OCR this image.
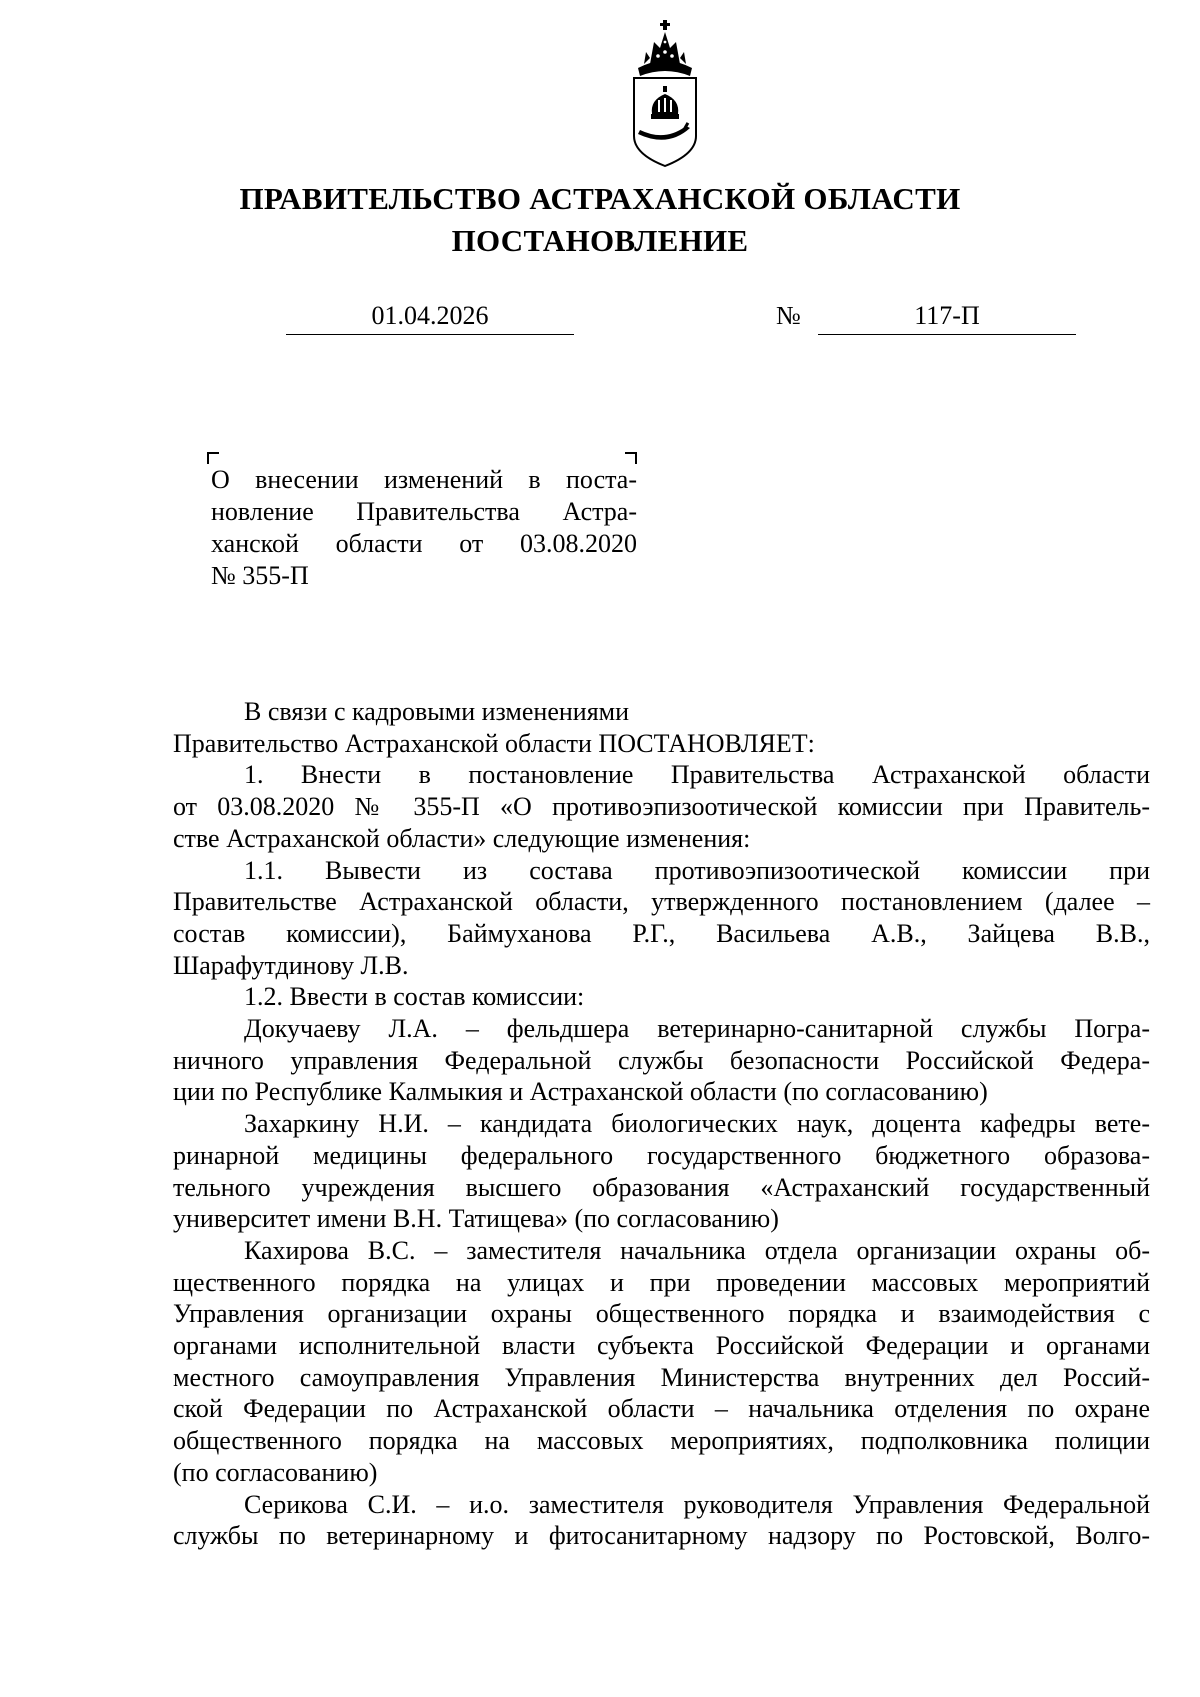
ПРАВИТЕЛЬСТВО АСТРАХАНСКОЙ ОБЛАСТИ
ПОСТАНОВЛЕНИЕ
01.04.2026	№	117-П
О внесении изменений в поста-
новление Правительства Астра-
ханской области от 03.08.2020
№ 355-П
В связи с кадровыми изменениями
Правительство Астраханской области ПОСТАНОВЛЯЕТ:
1. Внести в постановление Правительства Астраханской области
от 03.08.2020 № 355-П «О противоэпизоотической комиссии при Правитель-
стве Астраханской области» следующие изменения:
1.1. Вывести из состава противоэпизоотической комиссии при
Правительстве Астраханской области, утвержденного постановлением (далее –
состав комиссии), Баймуханова Р.Г., Васильева А.В., Зайцева В.В.,
Шарафутдинову Л.В.
1.2. Ввести в состав комиссии:
Докучаеву Л.А. – фельдшера ветеринарно-санитарной службы Погра-
ничного управления Федеральной службы безопасности Российской Федера-
ции по Республике Калмыкия и Астраханской области (по согласованию)
Захаркину Н.И. – кандидата биологических наук, доцента кафедры вете-
ринарной медицины федерального государственного бюджетного образова-
тельного учреждения высшего образования «Астраханский государственный
университет имени В.Н. Татищева» (по согласованию)
Кахирова В.С. – заместителя начальника отдела организации охраны об-
щественного порядка на улицах и при проведении массовых мероприятий
Управления организации охраны общественного порядка и взаимодействия с
органами исполнительной власти субъекта Российской Федерации и органами
местного самоуправления Управления Министерства внутренних дел Россий-
ской Федерации по Астраханской области – начальника отделения по охране
общественного порядка на массовых мероприятиях, подполковника полиции
(по согласованию)
Серикова С.И. – и.о. заместителя руководителя Управления Федеральной
службы по ветеринарному и фитосанитарному надзору по Ростовской, Волго-
